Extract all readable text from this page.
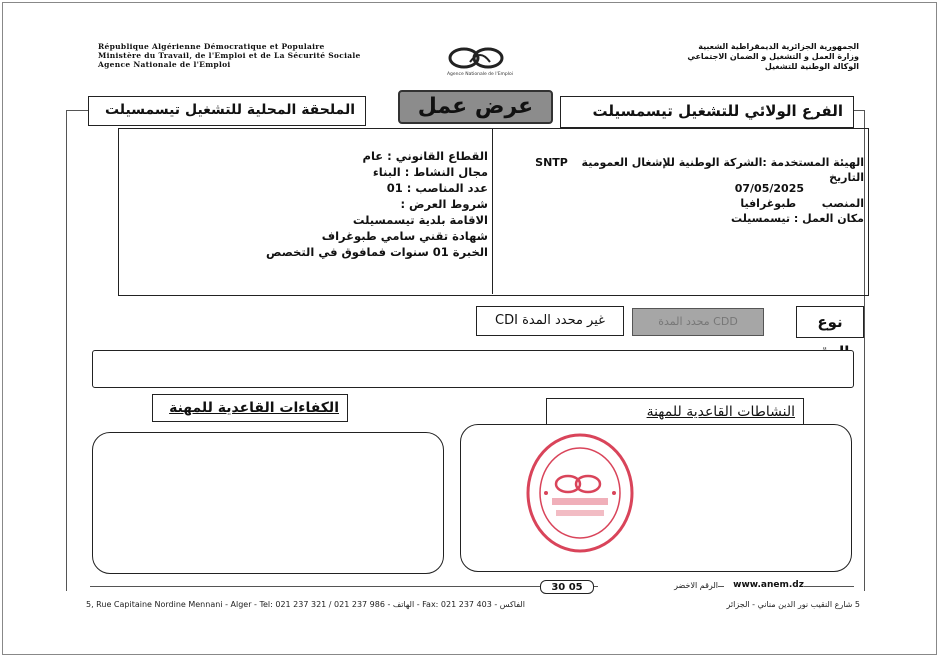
République Algérienne Démocratique et Populaire
Ministère du Travail, de l'Emploi et de La Sécurité Sociale
Agence Nationale de l'Emploi
Agence Nationale de l'Emploi
الجمهورية الجزائرية الديمقراطية الشعبية
وزارة العمل و التشغيل و الضمان الاجتماعي
الوكالة الوطنية للتشغيل
الملحقة المحلية للتشغيل تيسمسيلت	عرض عمل	الفرع الولائي للتشغيل تيسمسيلت
القطاع القانوني : عام
مجال النشاط : البناء
عدد المناصب : 01
شروط العرض :
الاقامة بلدية تيسمسيلت
شهادة تقني سامي طبوغراف
الخبرة 01 سنوات فمافوق في التخصص
الهيئة المستخدمة :الشركة الوطنية للإشغال العمومية  SNTP
التاريخ
07/05/2025
المنصب  طبوغرافيا
مكان العمل : تيسمسيلت
نوع
محدد المدة CDD
غير محدد المدة CDI
الكفاءات القاعدية للمهنة	النشاطات القاعدية للمهنة
30 05	الرقم الاخضر	www.anem.dz
5, Rue Capitaine Nordine Mennani - Alger - Tel: 021 237 321 / 021 237 986 - الهاتف - Fax: 021 237 403 - الفاكس	5 شارع النقيب نور الدين مناني - الجزائر
